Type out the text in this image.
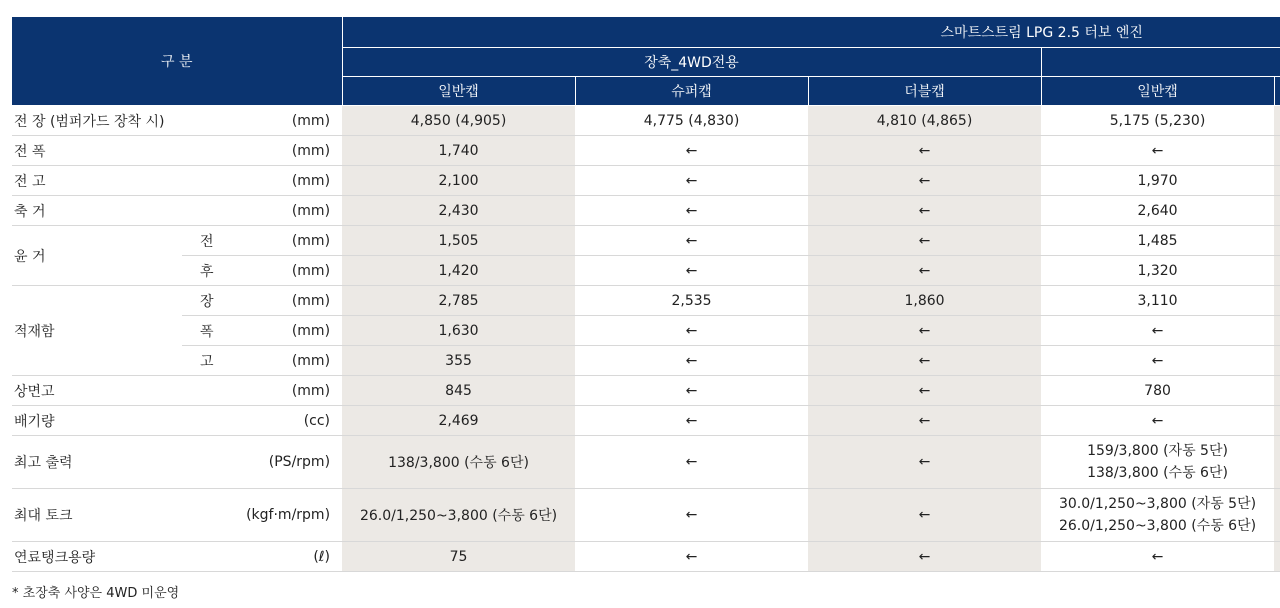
구 분			스마트스트림 LPG 2.5 터보 엔진				
			장축_4WD전용				
			일반캡	슈퍼캡	더블캡	일반캡	
전 장 (범퍼가드 장착 시)		(mm)	4,850 (4,905)	4,775 (4,830)	4,810 (4,865)	5,175 (5,230)	
전 폭		(mm)	1,740	←	←	←	
전 고		(mm)	2,100	←	←	1,970	
축 거		(mm)	2,430	←	←	2,640	
윤 거	전	(mm)	1,505	←	←	1,485	
	후	(mm)	1,420	←	←	1,320	
적재함	장	(mm)	2,785	2,535	1,860	3,110	
	폭	(mm)	1,630	←	←	←	
	고	(mm)	355	←	←	←	
상면고		(mm)	845	←	←	780	
배기량		(cc)	2,469	←	←	←	
최고 출력		(PS/rpm)	138/3,800 (수동 6단)	←	←	159/3,800 (자동 5단)
138/3,800 (수동 6단)	

최대 토크		(kgf·m/rpm)	26.0/1,250~3,800 (수동 6단)	←	←	30.0/1,250~3,800 (자동 5단)
26.0/1,250~3,800 (수동 6단)	

연료탱크용량		(ℓ)	75	←	←	←	
* 초장축 사양은 4WD 미운영
